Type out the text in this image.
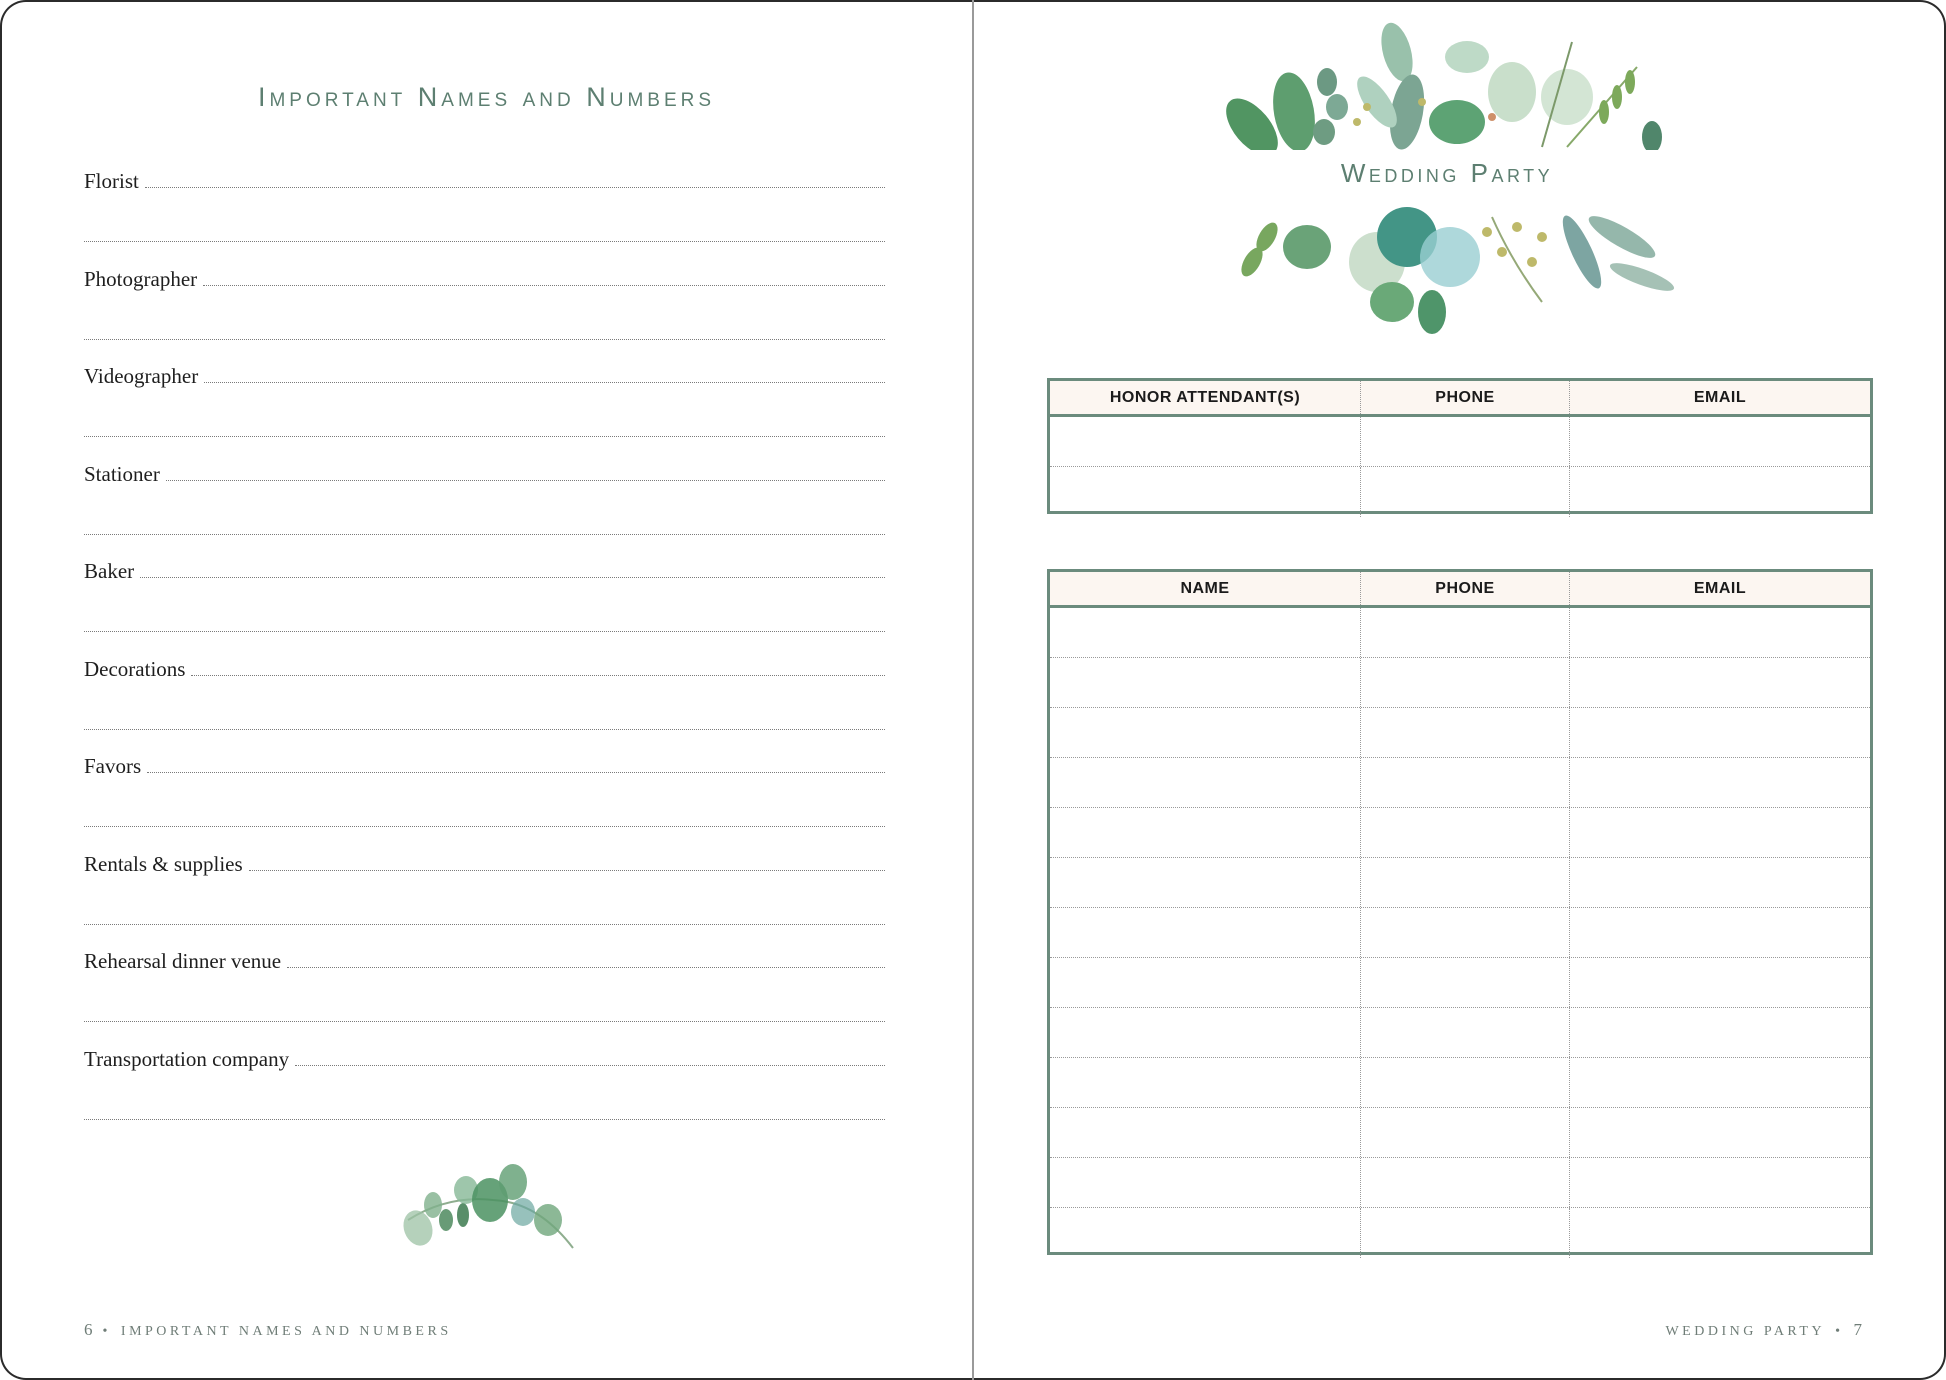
Important Names and Numbers
Florist
Photographer
Videographer
Stationer
Baker
Decorations
Favors
Rentals & supplies
Rehearsal dinner venue
Transportation company
6 • IMPORTANT NAMES AND NUMBERS
Wedding Party
HONOR ATTENDANT(S)	PHONE	EMAIL
NAME	PHONE	EMAIL
WEDDING PARTY • 7
